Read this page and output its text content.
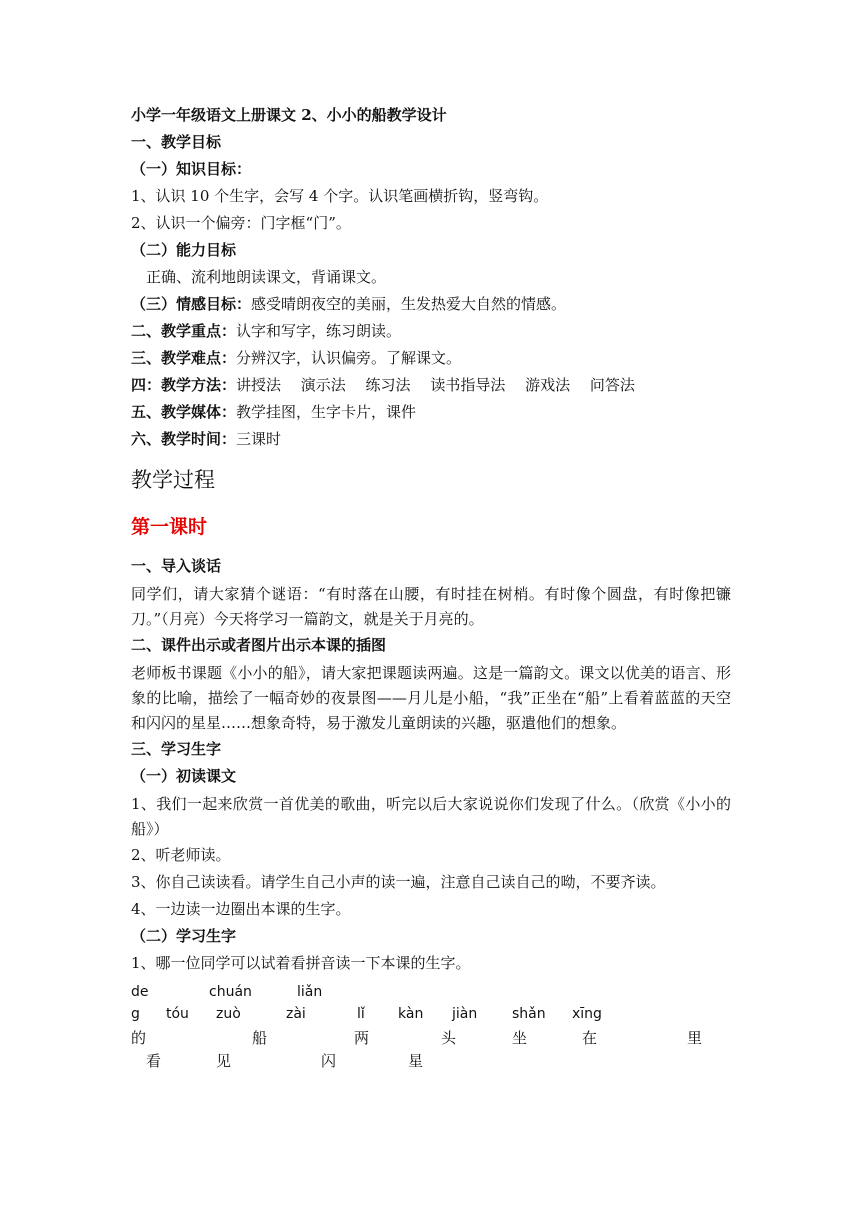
小学一年级语文上册课文 2、小小的船教学设计
一、教学目标
（一）知识目标：
1、认识 10 个生字，会写 4 个字。认识笔画横折钩，竖弯钩。
2、认识一个偏旁：门字框“门”。
（二）能力目标
正确、流利地朗读课文，背诵课文。
（三）情感目标：感受晴朗夜空的美丽，生发热爱大自然的情感。
二、教学重点：认字和写字，练习朗读。
三、教学难点：分辨汉字，认识偏旁。了解课文。
四：教学方法：讲授法　 演示法　 练习法　 读书指导法　 游戏法　 问答法
五、教学媒体：教学挂图，生字卡片，课件
六、教学时间：三课时
教学过程
第一课时
一、导入谈话

同学们，请大家猜个谜语：“有时落在山腰，有时挂在树梢。有时像个圆盘，有时像把镰刀。”（月亮）今天将学习一篇韵文，就是关于月亮的。

二、课件出示或者图片出示本课的插图

老师板书课题《小小的船》，请大家把课题读两遍。这是一篇韵文。课文以优美的语言、形象的比喻，描绘了一幅奇妙的夜景图——月儿是小船，“我”正坐在“船”上看着蓝蓝的天空和闪闪的星星……想象奇特，易于激发儿童朗读的兴趣，驱遣他们的想象。

三、学习生字
（一）初读课文

1、我们一起来欣赏一首优美的歌曲，听完以后大家说说你们发现了什么。（欣赏《小小的船》）

2、听老师读。
3、你自己读读看。请学生自己小声的读一遍，注意自己读自己的呦，不要齐读。
4、一边读一边圈出本课的生字。
（二）学习生字
1、哪一位同学可以试着看拼音读一下本课的生字。
de	chuán	liǎn
g tóu zuò	zài	lǐ kàn jiàn shǎn xīng
的	船	两	头	坐	在	里
看	见	闪	星
